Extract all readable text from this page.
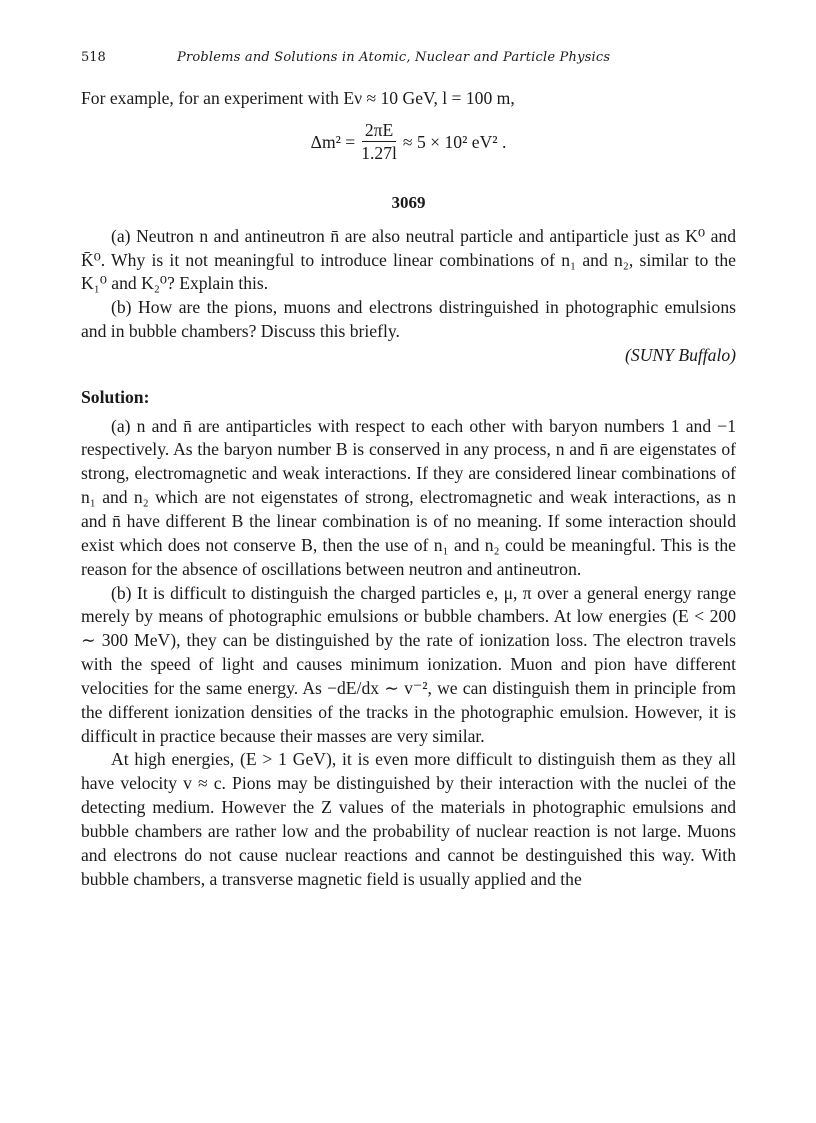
518	Problems and Solutions in Atomic, Nuclear and Particle Physics

For example, for an experiment with Eν ≈ 10 GeV, l = 100 m,

$\Delta m^2 = \frac{2\pi E}{1.27l} \approx 5 \times 10^2$ eV² .
3069

(a) Neutron n and antineutron n̄ are also neutral particle and antiparticle just as K⁰ and K̄⁰. Why is it not meaningful to introduce linear combinations of n₁ and n₂, similar to the K₁⁰ and K₂⁰? Explain this.

(b) How are the pions, muons and electrons distringuished in photographic emulsions and in bubble chambers? Discuss this briefly.

(SUNY Buffalo)

Solution:

(a) n and n̄ are antiparticles with respect to each other with baryon numbers 1 and −1 respectively. As the baryon number B is conserved in any process, n and n̄ are eigenstates of strong, electromagnetic and weak interactions. If they are considered linear combinations of n₁ and n₂ which are not eigenstates of strong, electromagnetic and weak interactions, as n and n̄ have different B the linear combination is of no meaning. If some interaction should exist which does not conserve B, then the use of n₁ and n₂ could be meaningful. This is the reason for the absence of oscillations between neutron and antineutron.

(b) It is difficult to distinguish the charged particles e, μ, π over a general energy range merely by means of photographic emulsions or bubble chambers. At low energies (E < 200 ∼ 300 MeV), they can be distinguished by the rate of ionization loss. The electron travels with the speed of light and causes minimum ionization. Muon and pion have different velocities for the same energy. As −dE/dx ∼ v⁻², we can distinguish them in principle from the different ionization densities of the tracks in the photographic emulsion. However, it is difficult in practice because their masses are very similar.

At high energies, (E > 1 GeV), it is even more difficult to distinguish them as they all have velocity v ≈ c. Pions may be distinguished by their interaction with the nuclei of the detecting medium. However the Z values of the materials in photographic emulsions and bubble chambers are rather low and the probability of nuclear reaction is not large. Muons and electrons do not cause nuclear reactions and cannot be destinguished this way. With bubble chambers, a transverse magnetic field is usually applied and the
